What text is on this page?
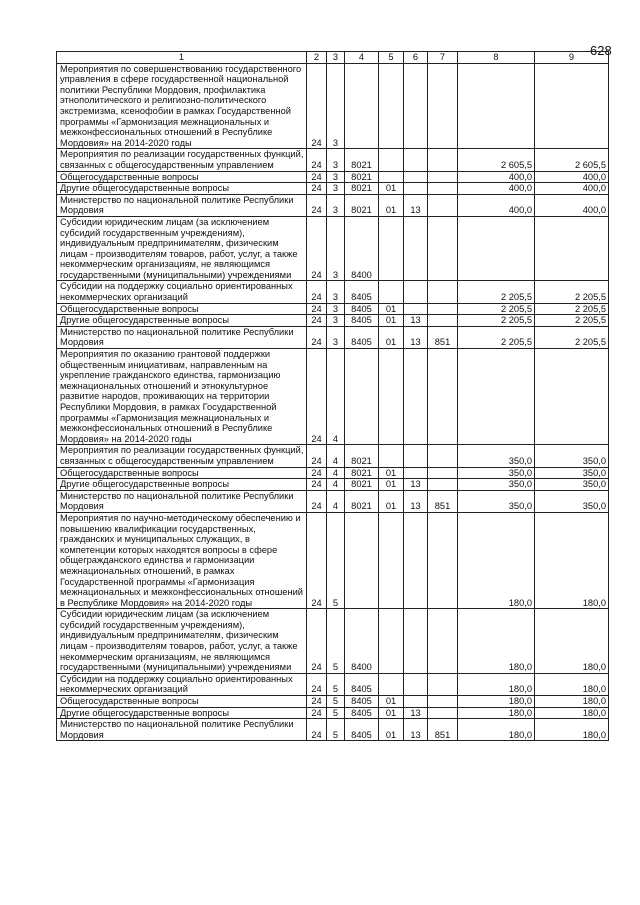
628
1	2	3	4	5	6	7	8	9
Мероприятия по совершенствованию государственного управления в сфере государственной национальной политики Республики Мордовия, профилактика этнополитического и религиозно-политического экстремизма, ксенофобии в рамках Государственной программы «Гармонизация межнациональных и межконфессиональных отношений в Республике Мордовия» на 2014-2020 годы	24	3						
Мероприятия по реализации государственных функций, связанных с общегосударственным управлением	24	3	8021				2 605,5	2 605,5
Общегосударственные вопросы	24	3	8021				400,0	400,0
Другие общегосударственные вопросы	24	3	8021	01			400,0	400,0
Министерство по национальной политике Республики Мордовия	24	3	8021	01	13		400,0	400,0
Субсидии юридическим лицам (за исключением субсидий государственным учреждениям), индивидуальным предпринимателям, физическим лицам - производителям товаров, работ, услуг, а также некоммерческим организациям, не являющимся государственными (муниципальными) учреждениями	24	3	8400					
Субсидии на поддержку социально ориентированных некоммерческих организаций	24	3	8405				2 205,5	2 205,5
Общегосударственные вопросы	24	3	8405	01			2 205,5	2 205,5
Другие общегосударственные вопросы	24	3	8405	01	13		2 205,5	2 205,5
Министерство по национальной политике Республики Мордовия	24	3	8405	01	13	851	2 205,5	2 205,5
Мероприятия по оказанию грантовой поддержки общественным инициативам, направленным на укрепление гражданского единства, гармонизацию межнациональных отношений и этнокультурное развитие народов, проживающих на территории Республики Мордовия, в рамках Государственной программы «Гармонизация межнациональных и межконфессиональных отношений в Республике Мордовия» на 2014-2020 годы	24	4						
Мероприятия по реализации государственных функций, связанных с общегосударственным управлением	24	4	8021				350,0	350,0
Общегосударственные вопросы	24	4	8021	01			350,0	350,0
Другие общегосударственные вопросы	24	4	8021	01	13		350,0	350,0
Министерство по национальной политике Республики Мордовия	24	4	8021	01	13	851	350,0	350,0
Мероприятия по научно-методическому обеспечению и повышению квалификации государственных, гражданских и муниципальных служащих, в компетенции которых находятся вопросы в сфере общегражданского единства и гармонизации межнациональных отношений, в рамках Государственной программы «Гармонизация межнациональных и межконфессиональных отношений в Республике Мордовия» на 2014-2020 годы	24	5					180,0	180,0
Субсидии юридическим лицам (за исключением субсидий государственным учреждениям), индивидуальным предпринимателям, физическим лицам - производителям товаров, работ, услуг, а также некоммерческим организациям, не являющимся государственными (муниципальными) учреждениями	24	5	8400				180,0	180,0
Субсидии на поддержку социально ориентированных некоммерческих организаций	24	5	8405				180,0	180,0
Общегосударственные вопросы	24	5	8405	01			180,0	180,0
Другие общегосударственные вопросы	24	5	8405	01	13		180,0	180,0
Министерство по национальной политике Республики Мордовия	24	5	8405	01	13	851	180,0	180,0
